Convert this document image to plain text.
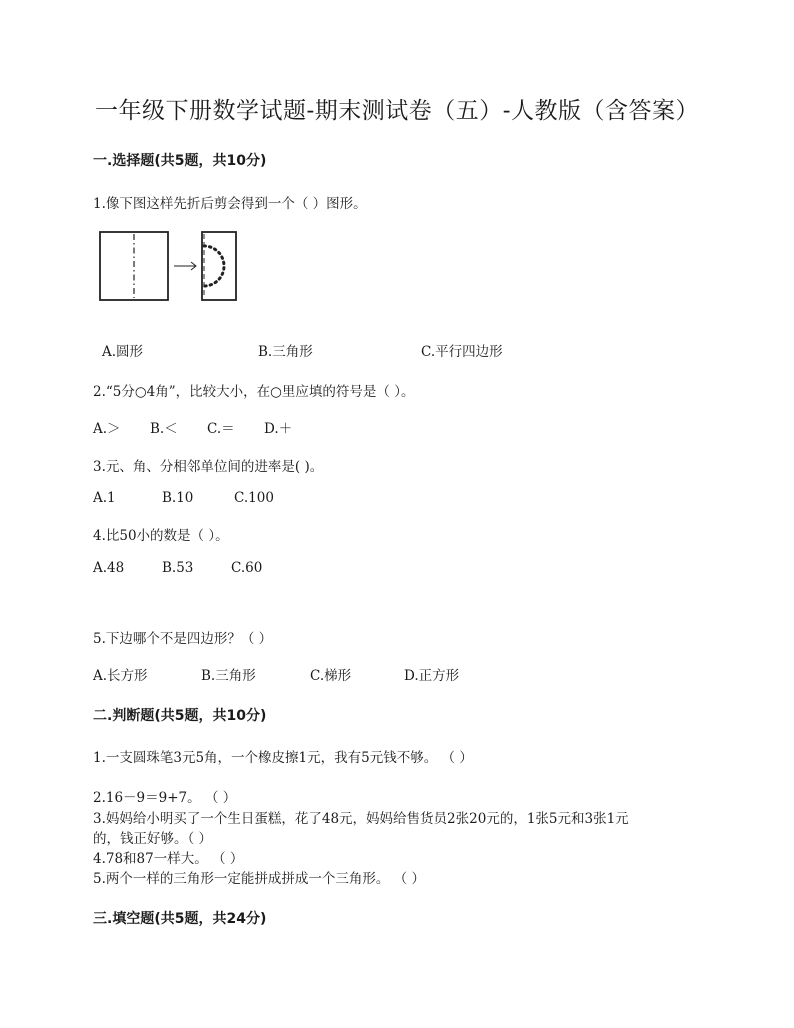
一年级下册数学试题-期末测试卷（五）-人教版（含答案）
一.选择题(共5题，共10分)
1.像下图这样先折后剪会得到一个（ ）图形。
A.圆形	B.三角形	C.平行四边形
2.“5分○4角”，比较大小，在○里应填的符号是（ ）。
A.＞ B.＜ C.＝ D.＋
3.元、角、分相邻单位间的进率是( )。
A.1	B.10	C.100
4.比50小的数是（ ）。
A.48	B.53	C.60
5.下边哪个不是四边形？（ ）
A.长方形	B.三角形	C.梯形	D.正方形
二.判断题(共5题，共10分)
1.一支圆珠笔3元5角，一个橡皮擦1元，我有5元钱不够。 （ ）
2.16－9＝9+7。 （ ）
3.妈妈给小明买了一个生日蛋糕，花了48元，妈妈给售货员2张20元的，1张5元和3张1元
的，钱正好够。（ ）
4.78和87一样大。 （ ）
5.两个一样的三角形一定能拼成拼成一个三角形。 （ ）
三.填空题(共5题，共24分)
